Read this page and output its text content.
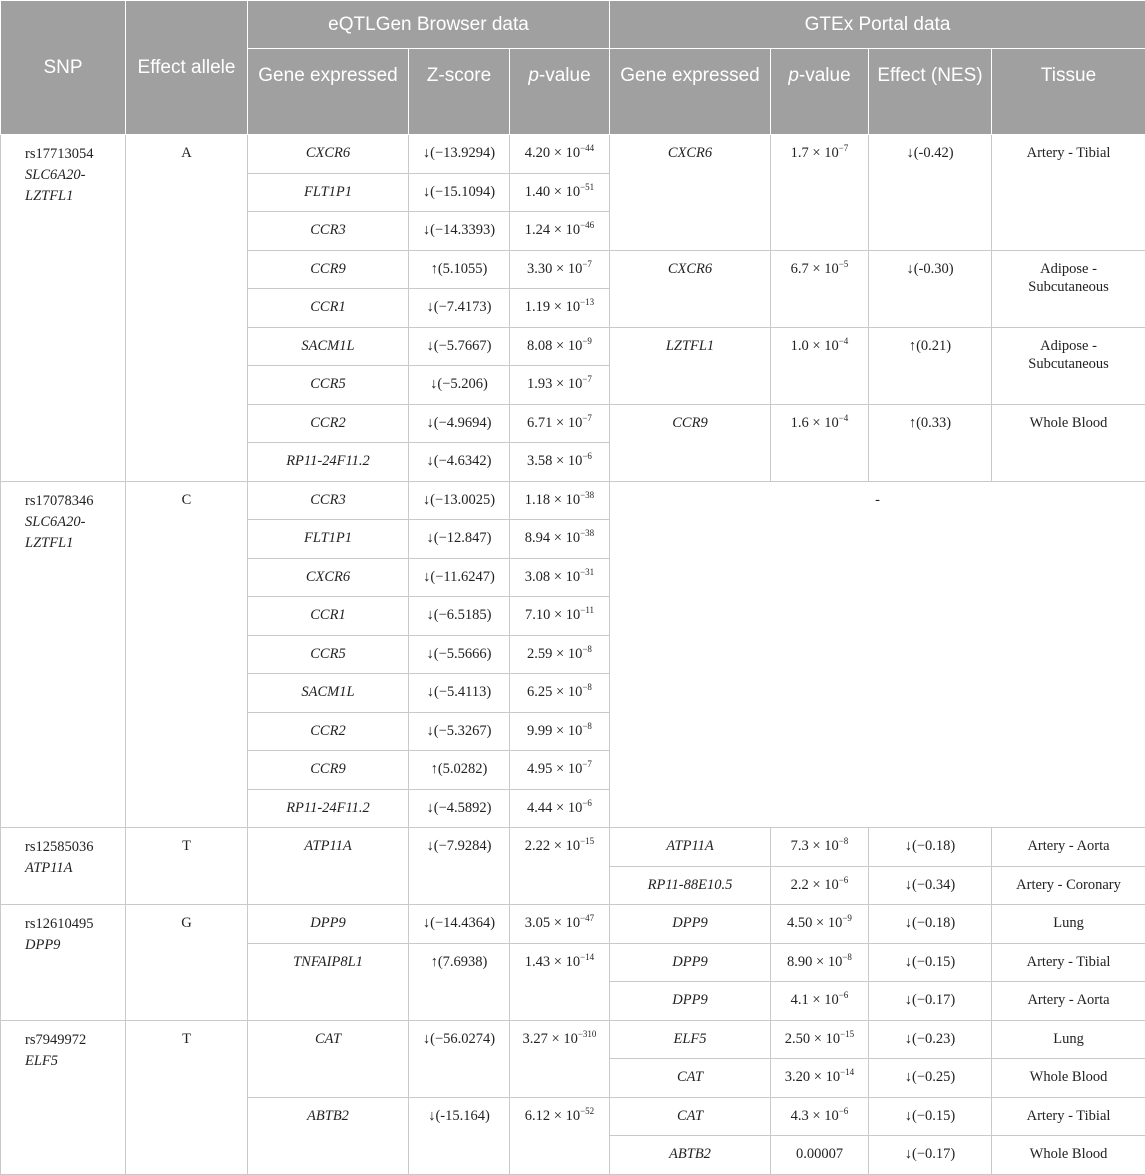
SNP	Effect allele	eQTLGen Browser data			GTEx Portal data			
		Gene expressed	Z-score	p-value	Gene expressed	p-value	Effect (NES)	Tissue
rs17713054
SLC6A20-
LZTFL1	A	CXCR6	↓(−13.9294)	$4.20 \times 10^{-44}$	CXCR6	$1.7 \times 10^{-7}$	↓(-0.42)	Artery - Tibial
		FLT1P1	↓(−15.1094)	$1.40 \times 10^{-51}$
		CCR3	↓(−14.3393)	$1.24 \times 10^{-46}$
		CCR9	↑(5.1055)	$3.30 \times 10^{-7}$	CXCR6	$6.7 \times 10^{-5}$	↓(-0.30)	Adipose -
Subcutaneous
		CCR1	↓(−7.4173)	$1.19 \times 10^{-13}$
		SACM1L	↓(−5.7667)	$8.08 \times 10^{-9}$	LZTFL1	$1.0 \times 10^{-4}$	↑(0.21)	Adipose -
Subcutaneous
		CCR5	↓(−5.206)	$1.93 \times 10^{-7}$
		CCR2	↓(−4.9694)	$6.71 \times 10^{-7}$	CCR9	$1.6 \times 10^{-4}$	↑(0.33)	Whole Blood
		RP11-24F11.2	↓(−4.6342)	$3.58 \times 10^{-6}$
rs17078346
SLC6A20-
LZTFL1	C	CCR3	↓(−13.0025)	$1.18 \times 10^{-38}$	-			
		FLT1P1	↓(−12.847)	$8.94 \times 10^{-38}$
		CXCR6	↓(−11.6247)	$3.08 \times 10^{-31}$
		CCR1	↓(−6.5185)	$7.10 \times 10^{-11}$
		CCR5	↓(−5.5666)	$2.59 \times 10^{-8}$
		SACM1L	↓(−5.4113)	$6.25 \times 10^{-8}$
		CCR2	↓(−5.3267)	$9.99 \times 10^{-8}$
		CCR9	↑(5.0282)	$4.95 \times 10^{-7}$
		RP11-24F11.2	↓(−4.5892)	$4.44 \times 10^{-6}$
rs12585036
ATP11A	T	ATP11A	↓(−7.9284)	$2.22 \times 10^{-15}$	ATP11A	$7.3 \times 10^{-8}$	↓(−0.18)	Artery - Aorta
					RP11-88E10.5	$2.2 \times 10^{-6}$	↓(−0.34)	Artery - Coronary
rs12610495
DPP9	G	DPP9	↓(−14.4364)	$3.05 \times 10^{-47}$	DPP9	$4.50 \times 10^{-9}$	↓(−0.18)	Lung
		TNFAIP8L1	↑(7.6938)	$1.43 \times 10^{-14}$	DPP9	$8.90 \times 10^{-8}$	↓(−0.15)	Artery - Tibial
					DPP9	$4.1 \times 10^{-6}$	↓(−0.17)	Artery - Aorta
rs7949972
ELF5	T	CAT	↓(−56.0274)	$3.27 \times 10^{-310}$	ELF5	$2.50 \times 10^{-15}$	↓(−0.23)	Lung
					CAT	$3.20 \times 10^{-14}$	↓(−0.25)	Whole Blood
		ABTB2	↓(-15.164)	$6.12 \times 10^{-52}$	CAT	$4.3 \times 10^{-6}$	↓(−0.15)	Artery - Tibial
					ABTB2	0.00007	↓(−0.17)	Whole Blood
